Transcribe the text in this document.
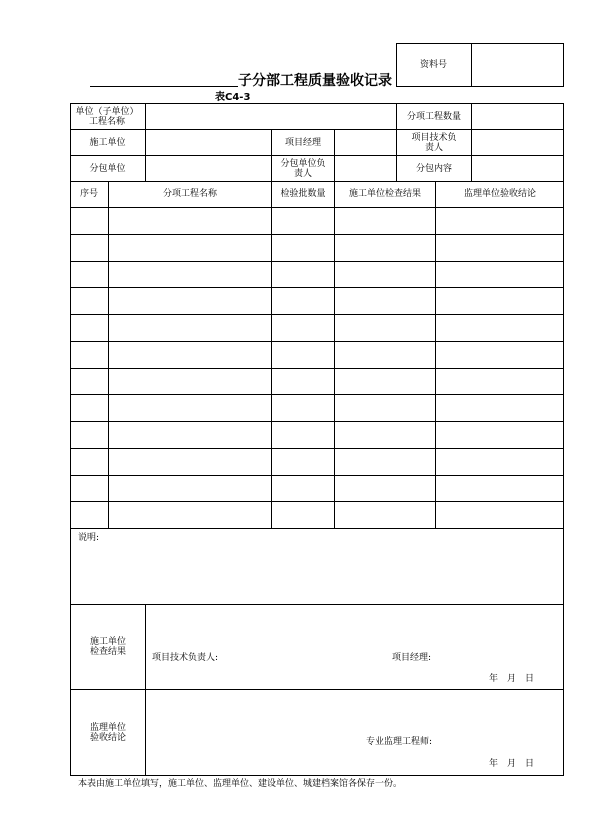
资料号
子分部工程质量验收记录
表C4-3
单位（子单位）工程名称	分项工程数量
施工单位	项目经理	项目技术负责人
分包单位	分包单位负责人	分包内容
序号	分项工程名称	检验批数量	施工单位检查结果	监理单位验收结论
说明:
施工单位检查结果
项目技术负责人:	项目经理:
年　月　日
监理单位验收结论	专业监理工程师:
年　月　日
本表由施工单位填写，施工单位、监理单位、建设单位、城建档案馆各保存一份。
